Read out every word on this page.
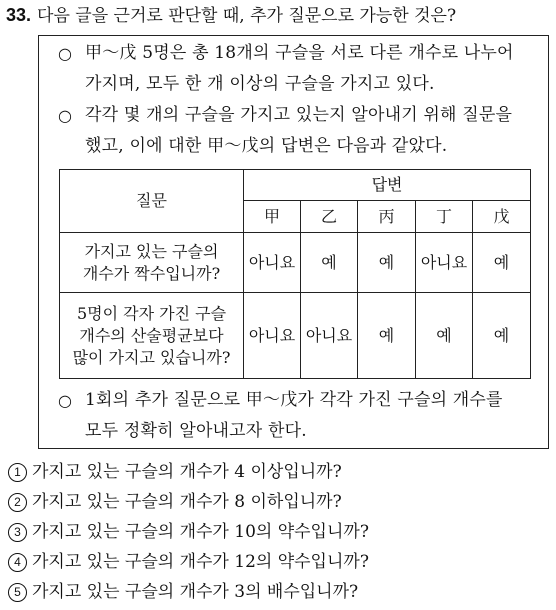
33. 다음 글을 근거로 판단할 때, 추가 질문으로 가능한 것은?
○ 甲～戊 5명은 총 18개의 구슬을 서로 다른 개수로 나누어
가지며, 모두 한 개 이상의 구슬을 가지고 있다.
○ 각각 몇 개의 구슬을 가지고 있는지 알아내기 위해 질문을
했고, 이에 대한 甲～戊의 답변은 다음과 같았다.
질문	답변				
	甲	乙	丙	丁	戊

가지고 있는 구슬의
개수가 짝수입니까?	아니요	예	예	아니요	예

5명이 각자 가진 구슬
개수의 산술평균보다
많이 가지고 있습니까?	아니요	아니요	예	예	예
○ 1회의 추가 질문으로 甲～戊가 각각 가진 구슬의 개수를
모두 정확히 알아내고자 한다.
1 가지고 있는 구슬의 개수가 4 이상입니까?
2 가지고 있는 구슬의 개수가 8 이하입니까?
3 가지고 있는 구슬의 개수가 10의 약수입니까?
4 가지고 있는 구슬의 개수가 12의 약수입니까?
5 가지고 있는 구슬의 개수가 3의 배수입니까?
